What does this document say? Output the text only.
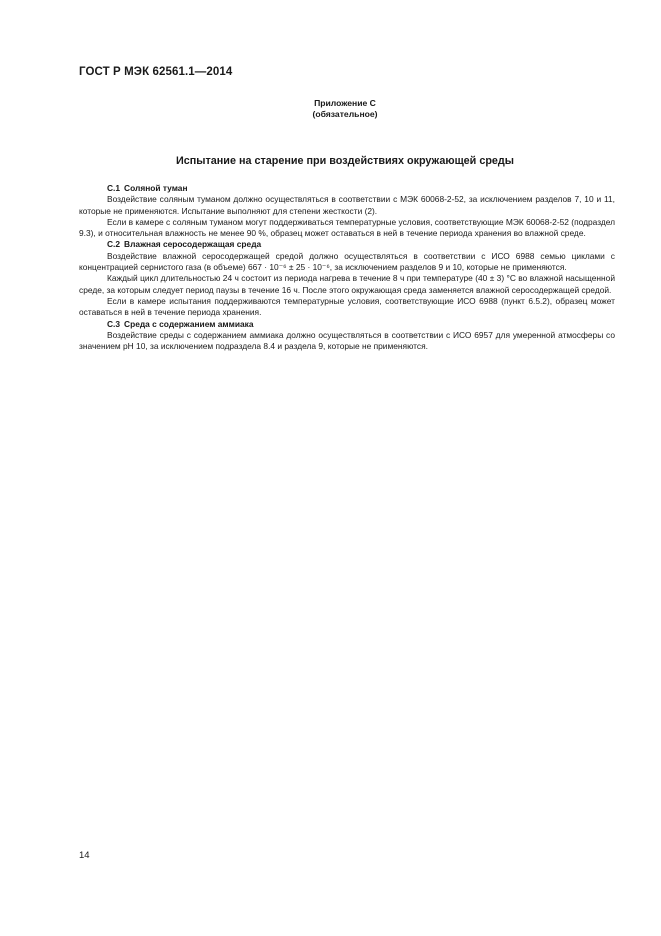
ГОСТ Р МЭК 62561.1—2014
Приложение С
(обязательное)
Испытание на старение при воздействиях окружающей среды
С.1 Соляной туман

Воздействие соляным туманом должно осуществляться в соответствии с МЭК 60068-2-52, за исключением разделов 7, 10 и 11, которые не применяются. Испытание выполняют для степени жесткости (2).

Если в камере с соляным туманом могут поддерживаться температурные условия, соответствующие МЭК 60068-2-52 (подраздел 9.3), и относительная влажность не менее 90 %, образец может оставаться в ней в течение периода хранения во влажной среде.

С.2 Влажная серосодержащая среда

Воздействие влажной серосодержащей средой должно осуществляться в соответствии с ИСО 6988 семью циклами с концентрацией сернистого газа (в объеме) 667 · 10⁻⁶ ± 25 · 10⁻⁶, за исключением разделов 9 и 10, которые не применяются.

Каждый цикл длительностью 24 ч состоит из периода нагрева в течение 8 ч при температуре (40 ± 3) °С во влажной насыщенной среде, за которым следует период паузы в течение 16 ч. После этого окружающая среда заменяется влажной серосодержащей средой.

Если в камере испытания поддерживаются температурные условия, соответствующие ИСО 6988 (пункт 6.5.2), образец может оставаться в ней в течение периода хранения.

С.3 Среда с содержанием аммиака

Воздействие среды с содержанием аммиака должно осуществляться в соответствии с ИСО 6957 для умеренной атмосферы со значением pH 10, за исключением подраздела 8.4 и раздела 9, которые не применяются.

14
